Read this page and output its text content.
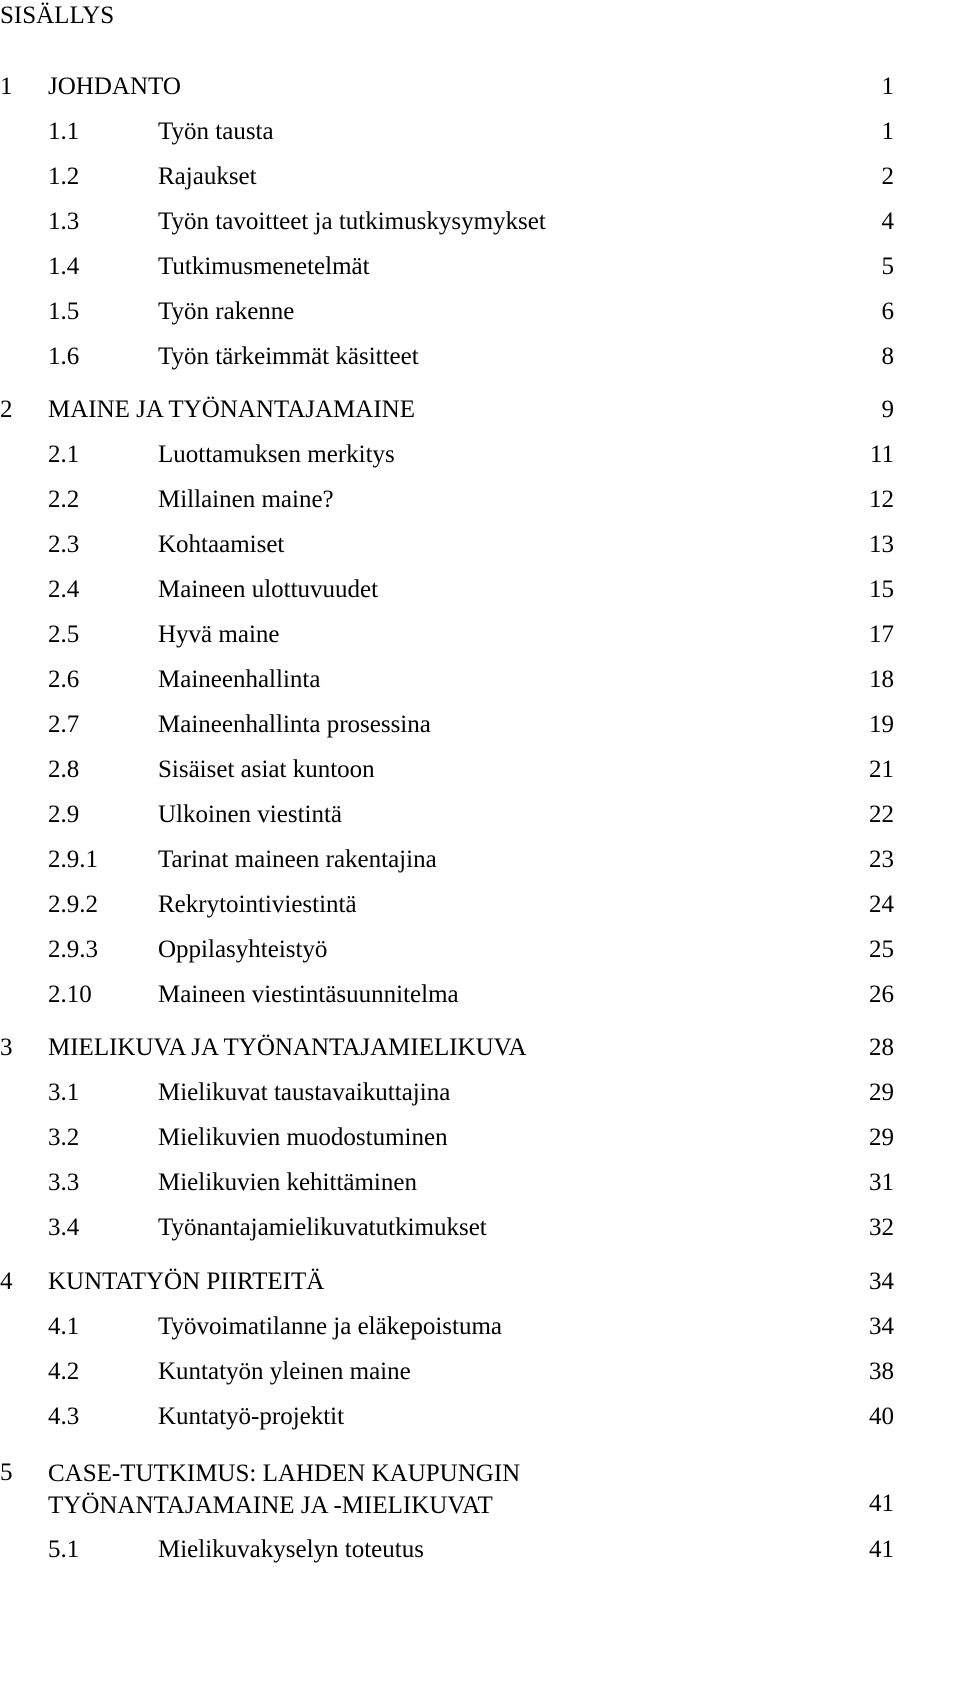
SISÄLLYS
1 JOHDANTO	1
1.1	Työn tausta	1
1.2	Rajaukset	2
1.3	Työn tavoitteet ja tutkimuskysymykset	4
1.4	Tutkimusmenetelmät	5
1.5	Työn rakenne	6
1.6	Työn tärkeimmät käsitteet	8
2 MAINE JA TYÖNANTAJAMAINE	9
2.1	Luottamuksen merkitys	11
2.2	Millainen maine?	12
2.3	Kohtaamiset	13
2.4	Maineen ulottuvuudet	15
2.5	Hyvä maine	17
2.6	Maineenhallinta	18
2.7	Maineenhallinta prosessina	19
2.8	Sisäiset asiat kuntoon	21
2.9	Ulkoinen viestintä	22
2.9.1 Tarinat maineen rakentajina	23
2.9.2 Rekrytointiviestintä	24
2.9.3 Oppilasyhteistyö	25
2.10	Maineen viestintäsuunnitelma	26
3 MIELIKUVA JA TYÖNANTAJAMIELIKUVA	28
3.1	Mielikuvat taustavaikuttajina	29
3.2	Mielikuvien muodostuminen	29
3.3	Mielikuvien kehittäminen	31
3.4	Työnantajamielikuvatutkimukset	32
4 KUNTATYÖN PIIRTEITÄ	34
4.1	Työvoimatilanne ja eläkepoistuma	34
4.2	Kuntatyön yleinen maine	38
4.3	Kuntatyö-projektit	40
5 CASE-TUTKIMUS: LAHDEN KAUPUNGIN
TYÖNANTAJAMAINE JA -MIELIKUVAT	41
5.1	Mielikuvakyselyn toteutus	41
